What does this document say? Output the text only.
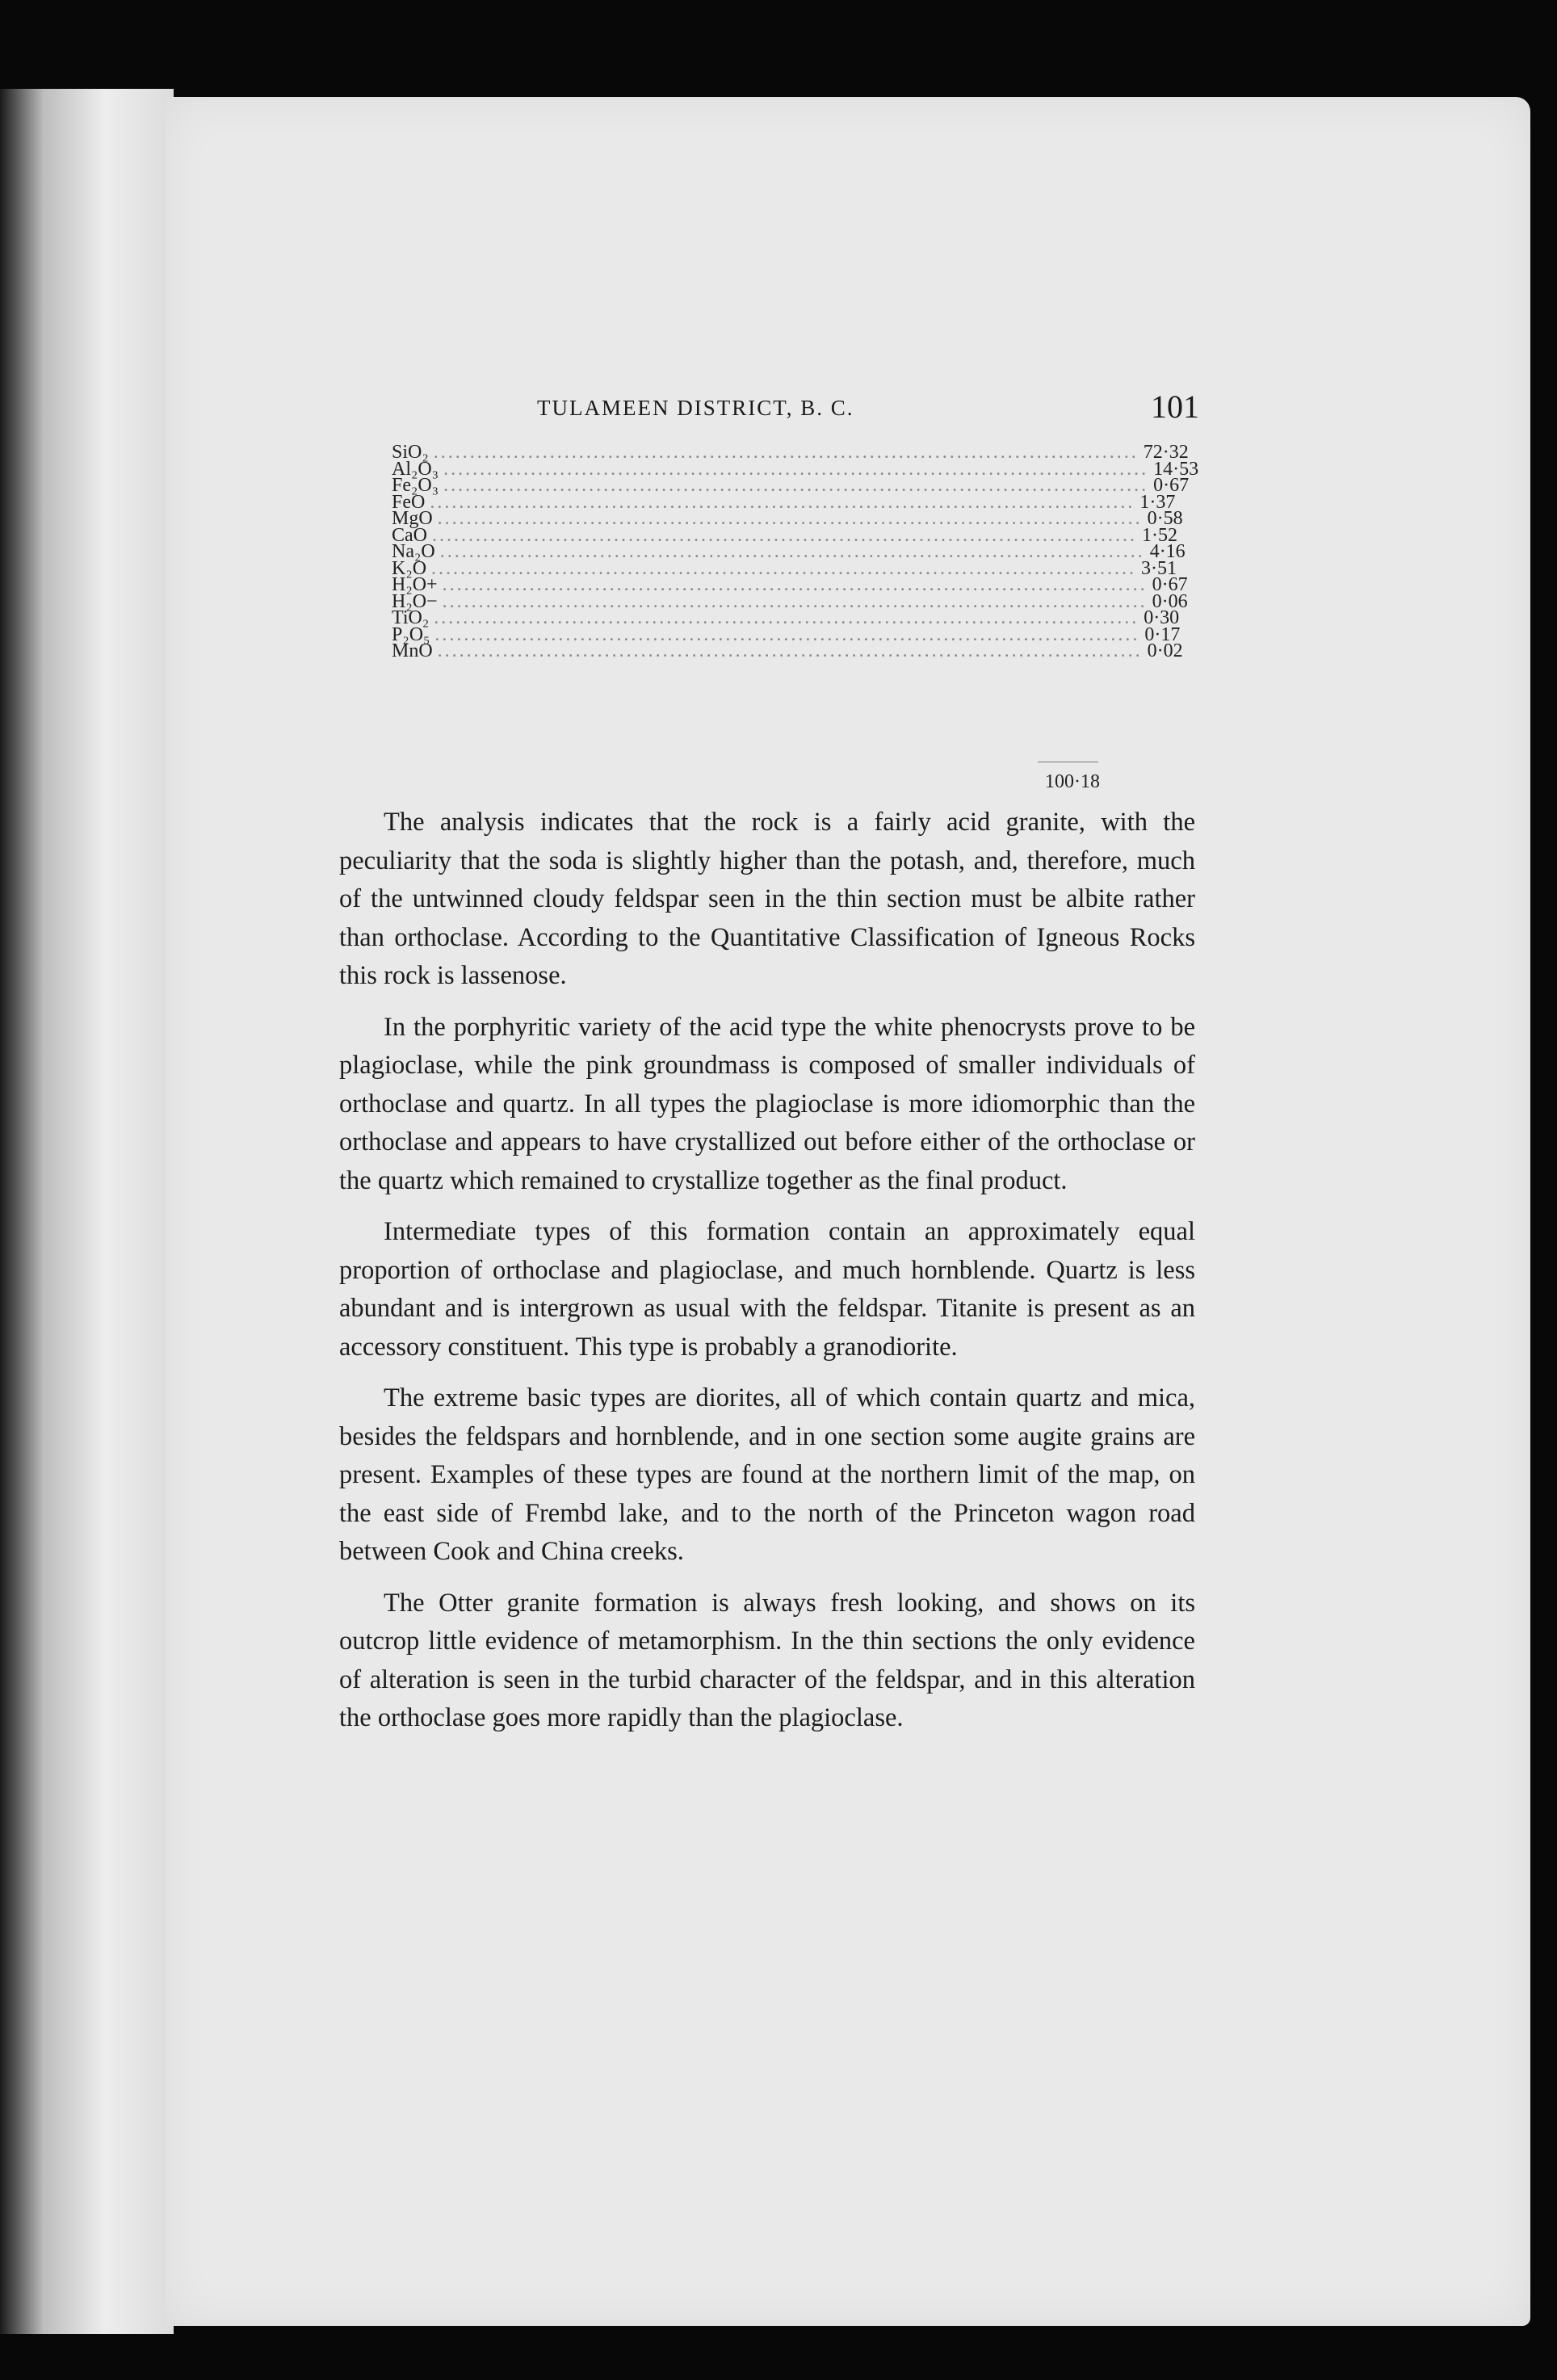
TULAMEEN DISTRICT, B. C.	101
SiO₂ ................................................................................................. 72·32
Al₂O₃ ................................................................................................. 14·53
Fe₂O₃ ................................................................................................. 0·67
FeO ................................................................................................. 1·37
MgO ................................................................................................. 0·58
CaO ................................................................................................. 1·52
Na₂O ................................................................................................. 4·16
K₂O ................................................................................................. 3·51
H₂O+ ................................................................................................. 0·67
H₂O− ................................................................................................. 0·06
TiO₂ ................................................................................................. 0·30
P₂O₅ ................................................................................................. 0·17
MnO ................................................................................................. 0·02
100·18

The analysis indicates that the rock is a fairly acid granite, with the peculiarity that the soda is slightly higher than the potash, and, therefore, much of the untwinned cloudy feldspar seen in the thin section must be albite rather than orthoclase. According to the Quantitative Classification of Igneous Rocks this rock is lassenose.

In the porphyritic variety of the acid type the white phenocrysts prove to be plagioclase, while the pink groundmass is composed of smaller individuals of orthoclase and quartz. In all types the plagioclase is more idiomorphic than the orthoclase and appears to have crystallized out before either of the orthoclase or the quartz which remained to crystallize together as the final product.

Intermediate types of this formation contain an approximately equal proportion of orthoclase and plagioclase, and much hornblende. Quartz is less abundant and is intergrown as usual with the feldspar. Titanite is present as an accessory constituent. This type is probably a granodiorite.

The extreme basic types are diorites, all of which contain quartz and mica, besides the feldspars and hornblende, and in one section some augite grains are present. Examples of these types are found at the northern limit of the map, on the east side of Frembd lake, and to the north of the Princeton wagon road between Cook and China creeks.

The Otter granite formation is always fresh looking, and shows on its outcrop little evidence of metamorphism. In the thin sections the only evidence of alteration is seen in the turbid character of the feldspar, and in this alteration the orthoclase goes more rapidly than the plagioclase.
